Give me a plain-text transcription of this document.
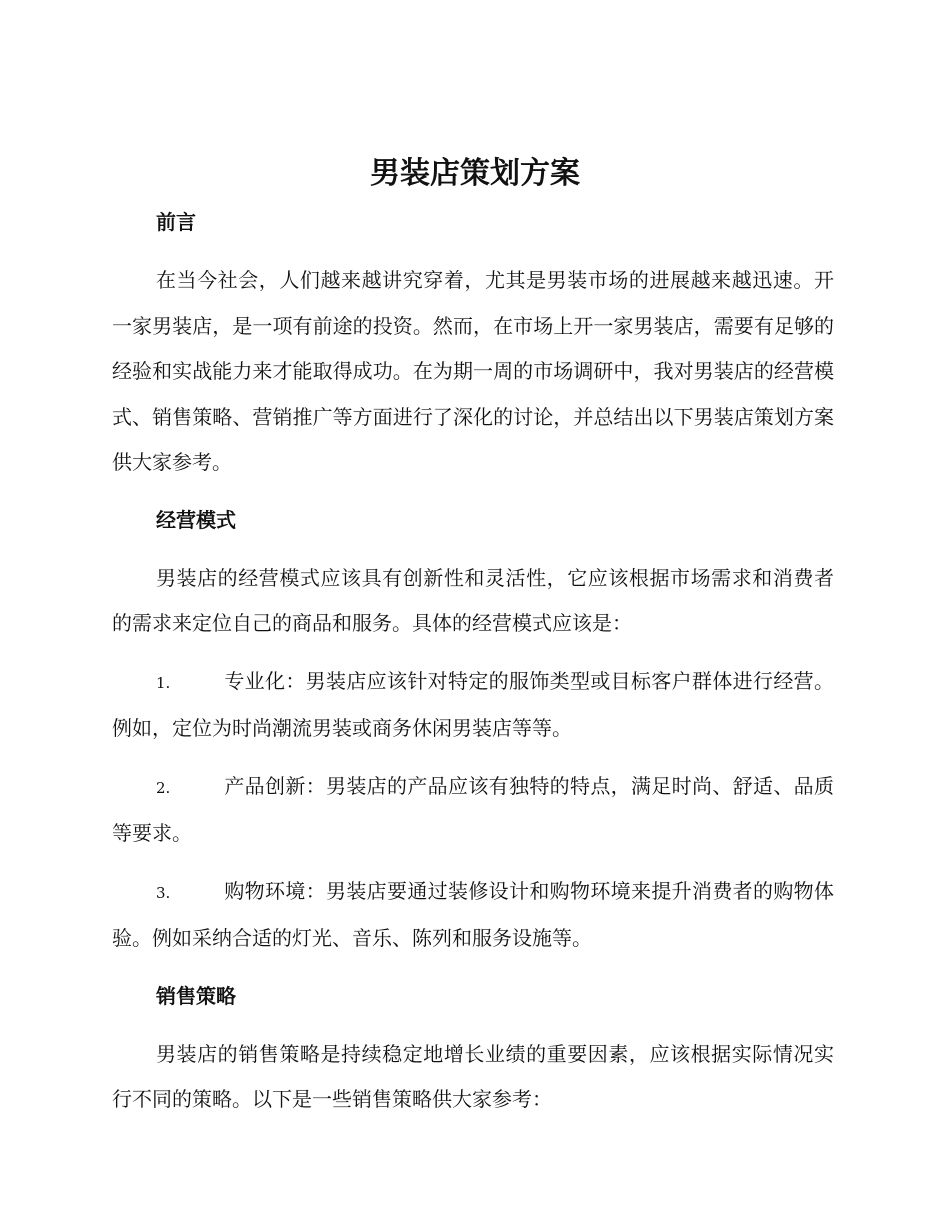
男装店策划方案

前言

在当今社会，人们越来越讲究穿着，尤其是男装市场的进展越来越迅速。开一家男装店，是一项有前途的投资。然而，在市场上开一家男装店，需要有足够的经验和实战能力来才能取得成功。在为期一周的市场调研中，我对男装店的经营模式、销售策略、营销推广等方面进行了深化的讨论，并总结出以下男装店策划方案供大家参考。

经营模式

男装店的经营模式应该具有创新性和灵活性，它应该根据市场需求和消费者的需求来定位自己的商品和服务。具体的经营模式应该是：

1.	专业化：男装店应该针对特定的服饰类型或目标客户群体进行经营。例如，定位为时尚潮流男装或商务休闲男装店等等。

2.	产品创新：男装店的产品应该有独特的特点，满足时尚、舒适、品质等要求。

3.	购物环境：男装店要通过装修设计和购物环境来提升消费者的购物体验。例如采纳合适的灯光、音乐、陈列和服务设施等。

销售策略

男装店的销售策略是持续稳定地增长业绩的重要因素，应该根据实际情况实行不同的策略。以下是一些销售策略供大家参考：
